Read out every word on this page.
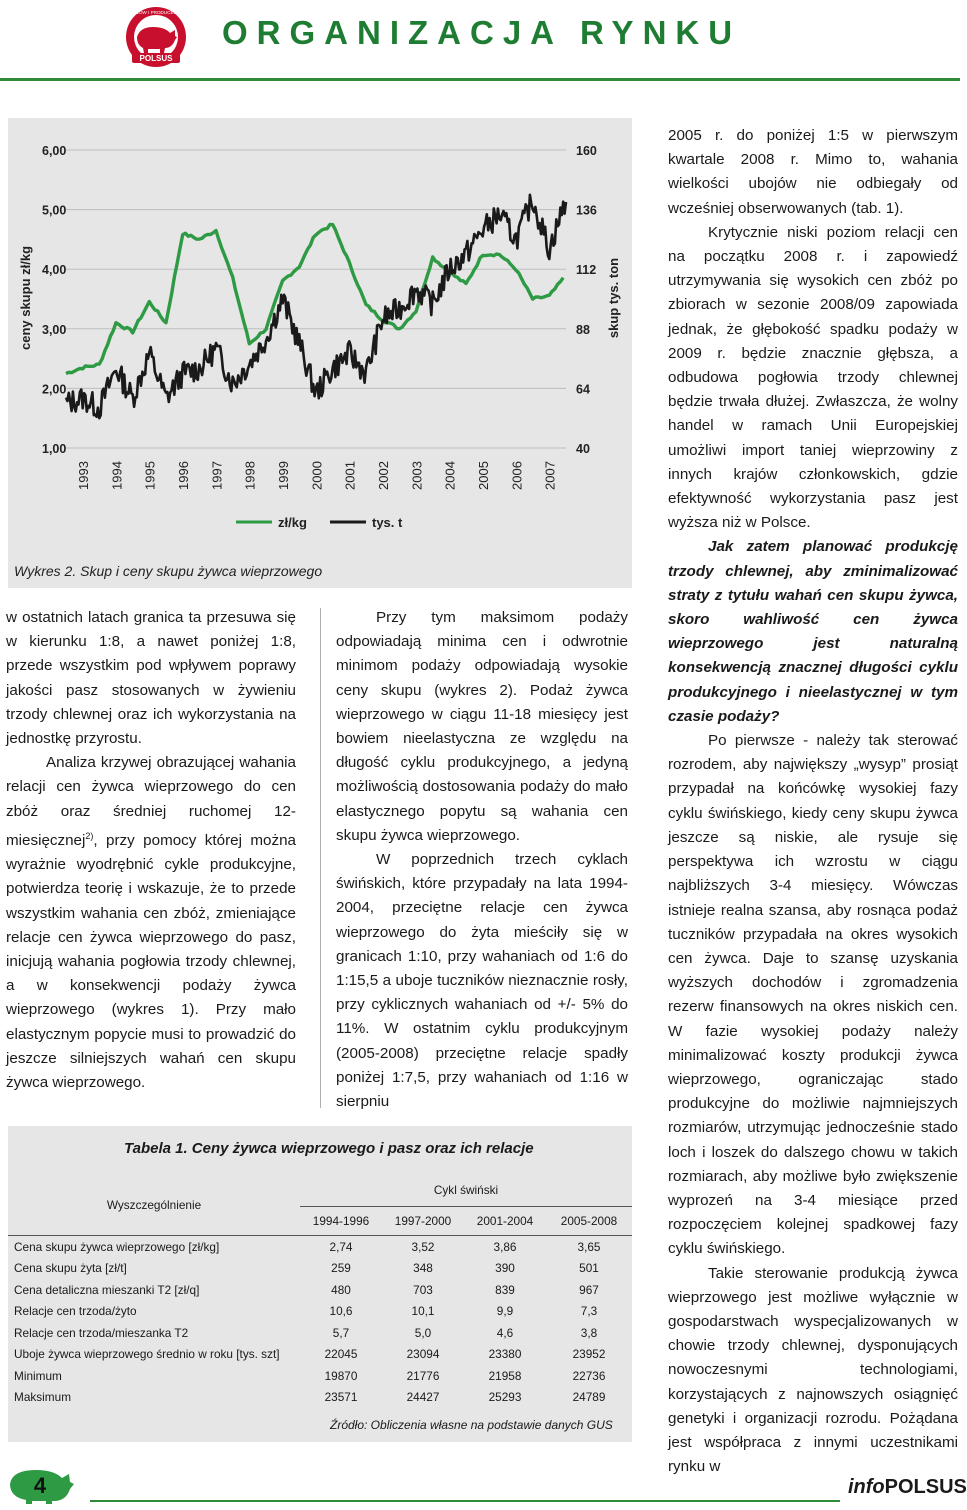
POLSKI ZWIĄZEK HODOWCÓW I PRODUCENTÓW TRZODY CHLEWNEJ
POLSUS
ORGANIZACJA RYNKU
6,00	160
5,00	136
4,00	112
3,00	88
2,00	64
1,00	40
1993 1994 1995 1996 1997 1998 1999 2000 2001 2002 2003 2004 2005 2006 2007
ceny skupu zł/kg	skup tys. ton
zł/kg	tys. t
Wykres 2. Skup i ceny skupu żywca wieprzowego

w ostatnich latach granica ta przesuwa się w kierunku 1:8, a nawet poniżej 1:8, przede wszystkim pod wpływem poprawy jakości pasz stosowanych w żywieniu trzody chlewnej oraz ich wykorzystania na jednostkę przyrostu.

Analiza krzywej obrazującej wahania relacji cen żywca wieprzowego do cen zbóż oraz średniej ruchomej 12-miesięcznej$^{2)}$, przy pomocy której można wyrażnie wyodrębnić cykle produkcyjne, potwierdza teorię i wskazuje, że to przede wszystkim wahania cen zbóż, zmieniające relacje cen żywca wieprzowego do pasz, inicjują wahania pogłowia trzody chlewnej, a w konsekwencji podaży żywca wieprzowego (wykres 1). Przy mało elastycznym popycie musi to prowadzić do jeszcze silniejszych wahań cen skupu żywca wieprzowego.

Przy tym maksimom podaży odpowiadają minima cen i odwrotnie minimom podaży odpowiadają wysokie ceny skupu (wykres 2). Podaż żywca wieprzowego w ciągu 11-18 miesięcy jest bowiem nieelastyczna ze względu na długość cyklu produkcyjnego, a jedyną możliwością dostosowania podaży do mało elastycznego popytu są wahania cen skupu żywca wieprzowego.

W poprzednich trzech cyklach świńskich, które przypadały na lata 1994-2004, przeciętne relacje cen żywca wieprzowego do żyta mieściły się w granicach 1:10, przy wahaniach od 1:6 do 1:15,5 a uboje tuczników nieznacznie rosły, przy cyklicznych wahaniach od +/- 5% do 11%. W ostatnim cyklu produkcyjnym (2005-2008) przeciętne relacje spadły poniżej 1:7,5, przy wahaniach od 1:16 w sierpniu

2005 r. do poniżej 1:5 w pierwszym kwartale 2008 r. Mimo to, wahania wielkości ubojów nie odbiegały od wcześniej obserwowanych (tab. 1).

Krytycznie niski poziom relacji cen na początku 2008 r. i zapowiedź utrzymywania się wysokich cen zbóż po zbiorach w sezonie 2008/09 zapowiada jednak, że głębokość spadku podaży w 2009 r. będzie znacznie głębsza, a odbudowa pogłowia trzody chlewnej będzie trwała dłużej. Zwłaszcza, że wolny handel w ramach Unii Europejskiej umożliwi import taniej wieprzowiny z innych krajów członkowskich, gdzie efektywność wykorzystania pasz jest wyższa niż w Polsce.

Jak zatem planować produkcję trzody chlewnej, aby zminimalizować straty z tytułu wahań cen skupu żywca, skoro wahliwość cen żywca wieprzowego jest naturalną konsekwencją znacznej długości cyklu produkcyjnego i nieelastycznej w tym czasie podaży?

Po pierwsze - należy tak sterować rozrodem, aby największy „wysyp” prosiąt przypadał na końcówkę wysokiej fazy cyklu świńskiego, kiedy ceny skupu żywca jeszcze są niskie, ale rysuje się perspektywa ich wzrostu w ciągu najbliższych 3-4 miesięcy. Wówczas istnieje realna szansa, aby rosnąca podaż tuczników przypadała na okres wysokich cen żywca. Daje to szansę uzyskania wyższych dochodów i zgromadzenia rezerw finansowych na okres niskich cen. W fazie wysokiej podaży należy minimalizować koszty produkcji żywca wieprzowego, ograniczając stado produkcyjne do możliwie najmniejszych rozmiarów, utrzymując jednocześnie stado loch i loszek do dalszego chowu w takich rozmiarach, aby możliwe było zwiększenie wyprozeń na 3-4 miesiące przed rozpoczęciem kolejnej spadkowej fazy cyklu świńskiego.

Takie sterowanie produkcją żywca wieprzowego jest możliwe wyłącznie w gospodarstwach wyspecjalizowanych w chowie trzody chlewnej, dysponujących nowoczesnymi technologiami, korzystających z najnowszych osiągnięć genetyki i organizacji rozrodu. Pożądana jest współpraca z innymi uczestnikami rynku w

Tabela 1. Ceny żywca wieprzowego i pasz oraz ich relacje
Wyszczególnienie	Cykl świński			
	1994-1996	1997-2000	2001-2004	2005-2008
Cena skupu żywca wieprzowego [zł/kg]	2,74	3,52	3,86	3,65
Cena skupu żyta [zł/t]	259	348	390	501
Cena detaliczna mieszanki T2 [zł/q]	480	703	839	967
Relacje cen trzoda/żyto	10,6	10,1	9,9	7,3
Relacje cen trzoda/mieszanka T2	5,7	5,0	4,6	3,8
Uboje żywca wieprzowego średnio w roku [tys. szt]	22045	23094	23380	23952
Minimum	19870	21776	21958	22736
Maksimum	23571	24427	25293	24789
Źródło: Obliczenia własne na podstawie danych GUS
4	infoPOLSUS
